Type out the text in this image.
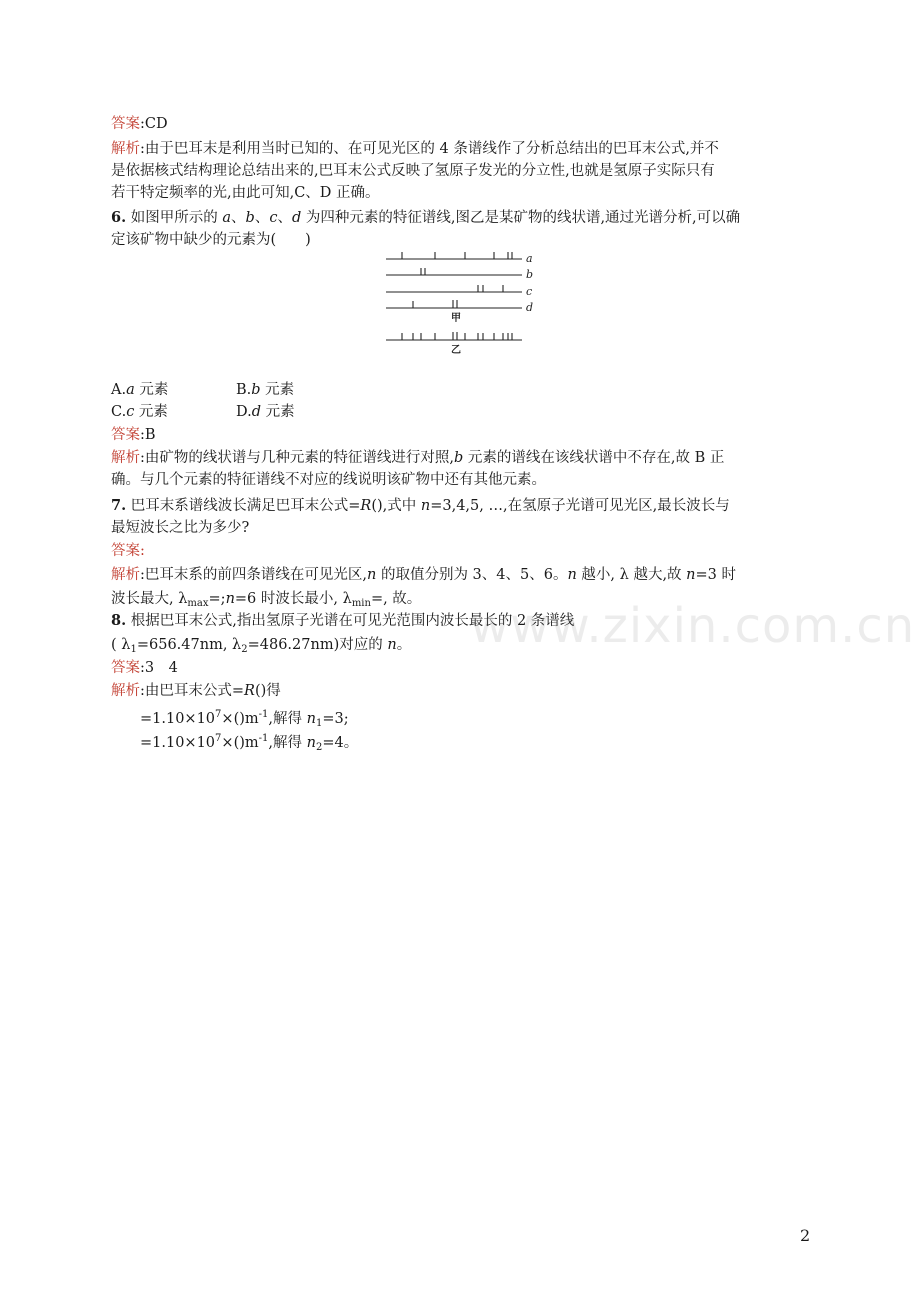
答案:CD
解析:由于巴耳末是利用当时已知的、在可见光区的 4 条谱线作了分析总结出的巴耳末公式,并不
是依据核式结构理论总结出来的,巴耳末公式反映了氢原子发光的分立性,也就是氢原子实际只有
若干特定频率的光,由此可知,C、D 正确。
6. 如图甲所示的 a、b、c、d 为四种元素的特征谱线,图乙是某矿物的线状谱,通过光谱分析,可以确
定该矿物中缺少的元素为(　　)
a
b
c
d
甲
乙
A.a 元素	B.b 元素
C.c 元素	D.d 元素
答案:B
解析:由矿物的线状谱与几种元素的特征谱线进行对照,b 元素的谱线在该线状谱中不存在,故 B 正
确。与几个元素的特征谱线不对应的线说明该矿物中还有其他元素。
7. 巴耳末系谱线波长满足巴耳末公式=R(),式中 n=3,4,5, …,在氢原子光谱可见光区,最长波长与
最短波长之比为多少?
答案:
解析:巴耳末系的前四条谱线在可见光区,n 的取值分别为 3、4、5、6。n 越小, λ 越大,故 n=3 时
波长最大, $\lambda_{max}=;n=6$ 时波长最小, $\lambda_{min}=$, 故。
8. 根据巴耳末公式,指出氢原子光谱在可见光范围内波长最长的 2 条谱线
( $\lambda_1=656.47nm$, $\lambda_2=486.27nm$)对应的 n。
答案:3　4
解析:由巴耳末公式=R()得
$=1.10\times 10^7\times()m^{-1}$,解得 $n_1=3$;
$=1.10\times 10^7\times()m^{-1}$,解得 $n_2=4$。
www.zixin.com.cn
2
